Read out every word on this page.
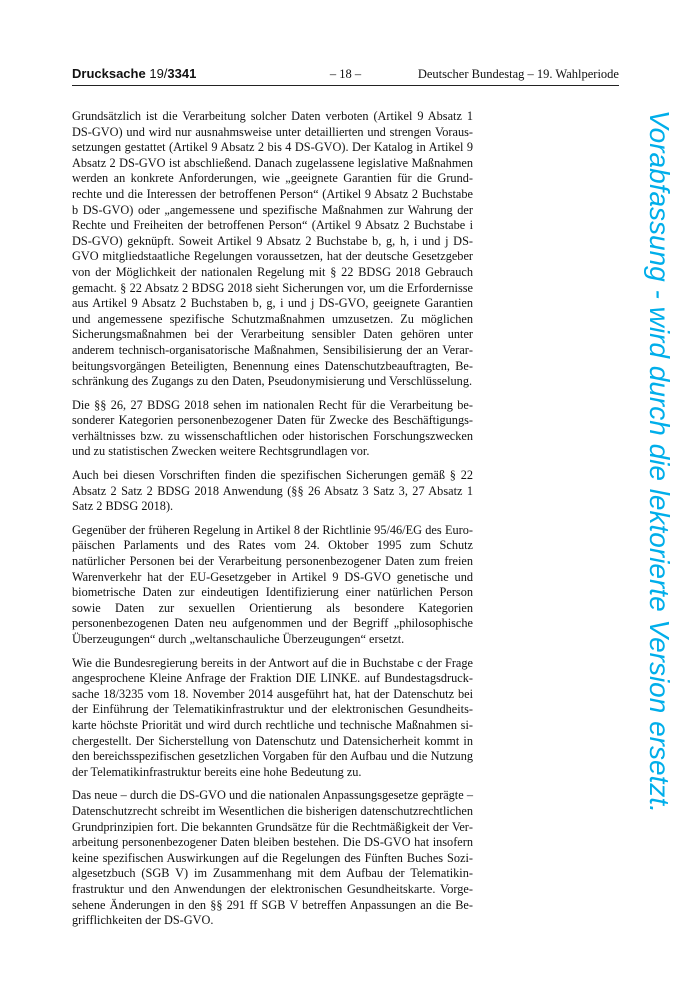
Drucksache 19/3341	– 18 –	Deutscher Bundestag – 19. Wahlperiode

Grundsätzlich ist die Verarbeitung solcher Daten verboten (Artikel 9 Absatz 1 DS-GVO) und wird nur ausnahmsweise unter detaillierten und strengen Voraussetzungen gestattet (Artikel 9 Absatz 2 bis 4 DS-GVO). Der Katalog in Artikel 9 Absatz 2 DS-GVO ist abschließend. Danach zugelassene legislative Maßnahmen werden an konkrete Anforderungen, wie „geeignete Garantien für die Grundrechte und die Interessen der betroffenen Person“ (Artikel 9 Absatz 2 Buchstabe b DS-GVO) oder „angemessene und spezifische Maßnahmen zur Wahrung der Rechte und Freiheiten der betroffenen Person“ (Artikel 9 Absatz 2 Buchstabe i DS-GVO) geknüpft. Soweit Artikel 9 Absatz 2 Buchstabe b, g, h, i und j DS-GVO mitgliedstaatliche Regelungen voraussetzen, hat der deutsche Gesetzgeber von der Möglichkeit der nationalen Regelung mit § 22 BDSG 2018 Gebrauch gemacht. § 22 Absatz 2 BDSG 2018 sieht Sicherungen vor, um die Erfordernisse aus Artikel 9 Absatz 2 Buchstaben b, g, i und j DS-GVO, geeignete Garantien und angemessene spezifische Schutzmaßnahmen umzusetzen. Zu möglichen Sicherungsmaßnahmen bei der Verarbeitung sensibler Daten gehören unter anderem technisch-organisatorische Maßnahmen, Sensibilisierung der an Verarbeitungsvorgängen Beteiligten, Benennung eines Datenschutzbeauftragten, Beschränkung des Zugangs zu den Daten, Pseudonymisierung und Verschlüsselung.

Die §§ 26, 27 BDSG 2018 sehen im nationalen Recht für die Verarbeitung besonderer Kategorien personenbezogener Daten für Zwecke des Beschäftigungsverhältnisses bzw. zu wissenschaftlichen oder historischen Forschungszwecken und zu statistischen Zwecken weitere Rechtsgrundlagen vor.

Auch bei diesen Vorschriften finden die spezifischen Sicherungen gemäß § 22 Absatz 2 Satz 2 BDSG 2018 Anwendung (§§ 26 Absatz 3 Satz 3, 27 Absatz 1 Satz 2 BDSG 2018).

Gegenüber der früheren Regelung in Artikel 8 der Richtlinie 95/46/EG des Europäischen Parlaments und des Rates vom 24. Oktober 1995 zum Schutz natürlicher Personen bei der Verarbeitung personenbezogener Daten zum freien Warenverkehr hat der EU-Gesetzgeber in Artikel 9 DS-GVO genetische und biometrische Daten zur eindeutigen Identifizierung einer natürlichen Person sowie Daten zur sexuellen Orientierung als besondere Kategorien personenbezogenen Daten neu aufgenommen und der Begriff „philosophische Überzeugungen“ durch „weltanschauliche Überzeugungen“ ersetzt.

Wie die Bundesregierung bereits in der Antwort auf die in Buchstabe c der Frage angesprochene Kleine Anfrage der Fraktion DIE LINKE. auf Bundestagsdrucksache 18/3235 vom 18. November 2014 ausgeführt hat, hat der Datenschutz bei der Einführung der Telematikinfrastruktur und der elektronischen Gesundheitskarte höchste Priorität und wird durch rechtliche und technische Maßnahmen sichergestellt. Der Sicherstellung von Datenschutz und Datensicherheit kommt in den bereichsspezifischen gesetzlichen Vorgaben für den Aufbau und die Nutzung der Telematikinfrastruktur bereits eine hohe Bedeutung zu.

Das neue – durch die DS-GVO und die nationalen Anpassungsgesetze geprägte – Datenschutzrecht schreibt im Wesentlichen die bisherigen datenschutzrechtlichen Grundprinzipien fort. Die bekannten Grundsätze für die Rechtmäßigkeit der Verarbeitung personenbezogener Daten bleiben bestehen. Die DS-GVO hat insofern keine spezifischen Auswirkungen auf die Regelungen des Fünften Buches Sozialgesetzbuch (SGB V) im Zusammenhang mit dem Aufbau der Telematikinfrastruktur und den Anwendungen der elektronischen Gesundheitskarte. Vorgesehene Änderungen in den §§ 291 ff SGB V betreffen Anpassungen an die Begrifflichkeiten der DS-GVO.

Vorabfassung - wird durch die lektorierte Version ersetzt.
